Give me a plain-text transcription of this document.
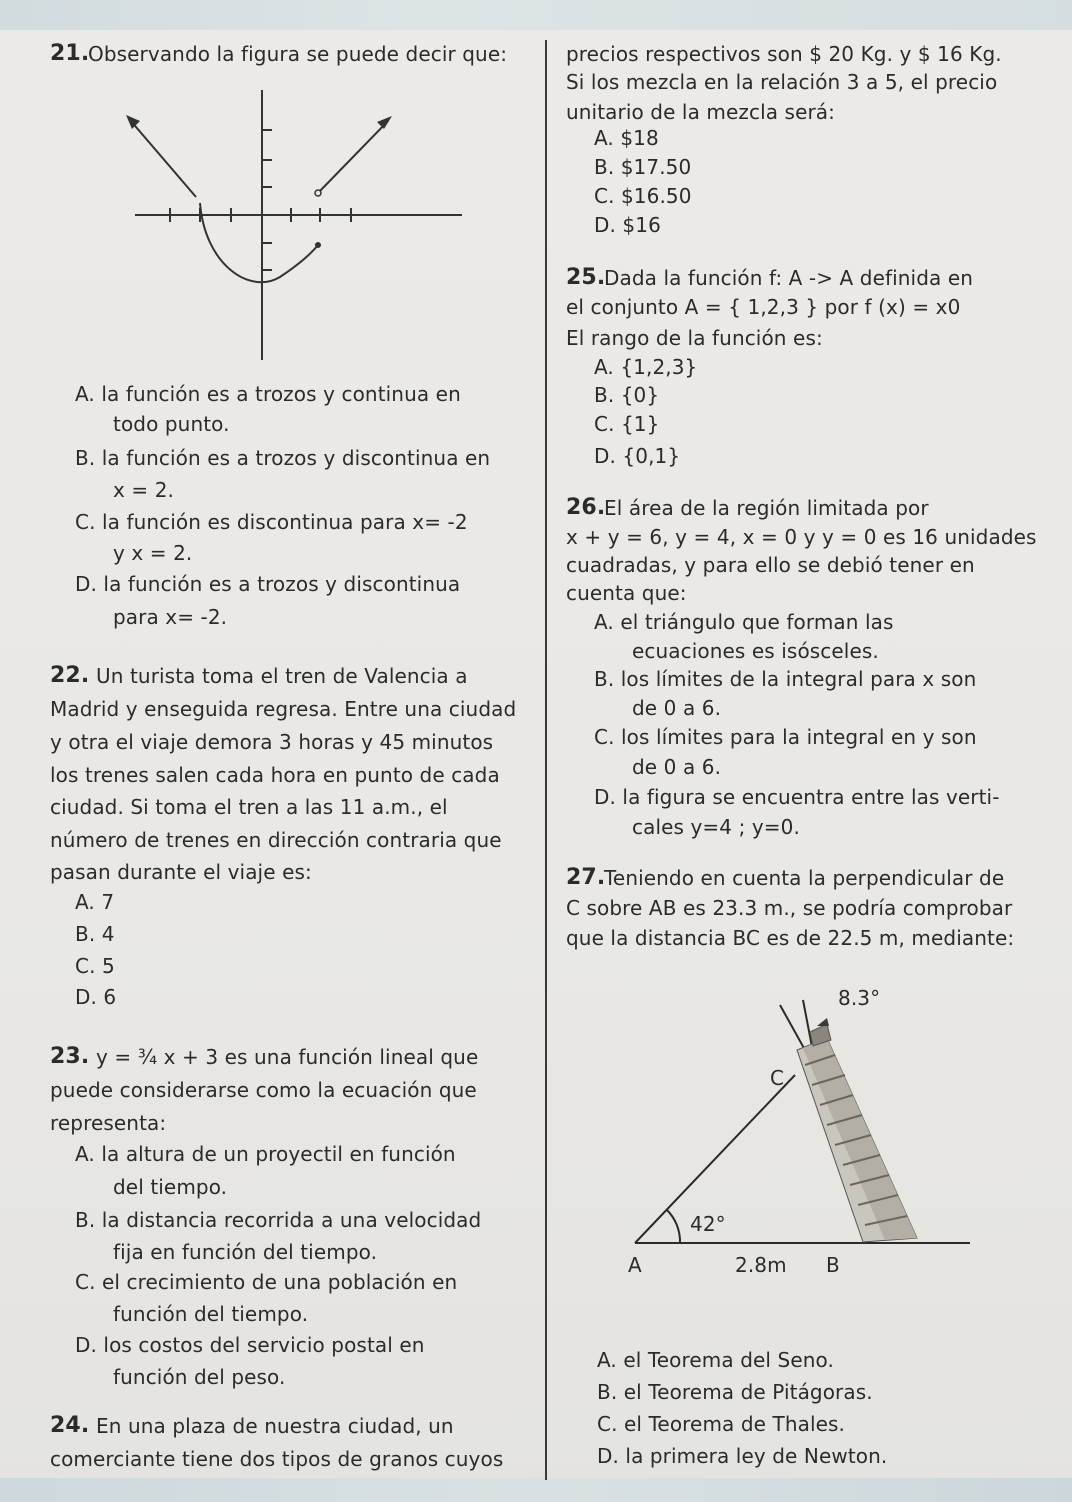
21.
Observando la figura se puede decir que:
A. la función es a trozos y continua en
todo punto.
B. la función es a trozos y discontinua en
x = 2.
C. la función es discontinua para x= -2
y x = 2.
D. la función es a trozos y discontinua
para x= -2.
22. Un turista toma el tren de Valencia a
Madrid y enseguida regresa. Entre una ciudad
y otra el viaje demora 3 horas y 45 minutos
los trenes salen cada hora en punto de cada
ciudad. Si toma el tren a las 11 a.m., el
número de trenes en dirección contraria que
pasan durante el viaje es:
A. 7
B. 4
C. 5
D. 6
23. y = ¾ x + 3 es una función lineal que
puede considerarse como la ecuación que
representa:
A. la altura de un proyectil en función
del tiempo.
B. la distancia recorrida a una velocidad
fija en función del tiempo.
C. el crecimiento de una población en
función del tiempo.
D. los costos del servicio postal en
función del peso.
24. En una plaza de nuestra ciudad, un
comerciante tiene dos tipos de granos cuyos
precios respectivos son $ 20 Kg. y $ 16 Kg.
Si los mezcla en la relación 3 a 5, el precio
unitario de la mezcla será:
A. $18
B. $17.50
C. $16.50
D. $16
25.
Dada la función f: A -> A definida en
el conjunto A = { 1,2,3 } por f (x) = x0
El rango de la función es:
A. {1,2,3}
B. {0}
C. {1}
D. {0,1}
26.
El área de la región limitada por
x + y = 6, y = 4, x = 0 y y = 0 es 16 unidades
cuadradas, y para ello se debió tener en
cuenta que:
A. el triángulo que forman las
ecuaciones es isósceles.
B. los límites de la integral para x son
de 0 a 6.
C. los límites para la integral en y son
de 0 a 6.
D. la figura se encuentra entre las verti-
cales y=4 ; y=0.
27.
Teniendo en cuenta la perpendicular de
C sobre AB es 23.3 m., se podría comprobar
que la distancia BC es de 22.5 m, mediante:
8.3°
C
42°
A	2.8m B
A. el Teorema del Seno.
B. el Teorema de Pitágoras.
C. el Teorema de Thales.
D. la primera ley de Newton.
